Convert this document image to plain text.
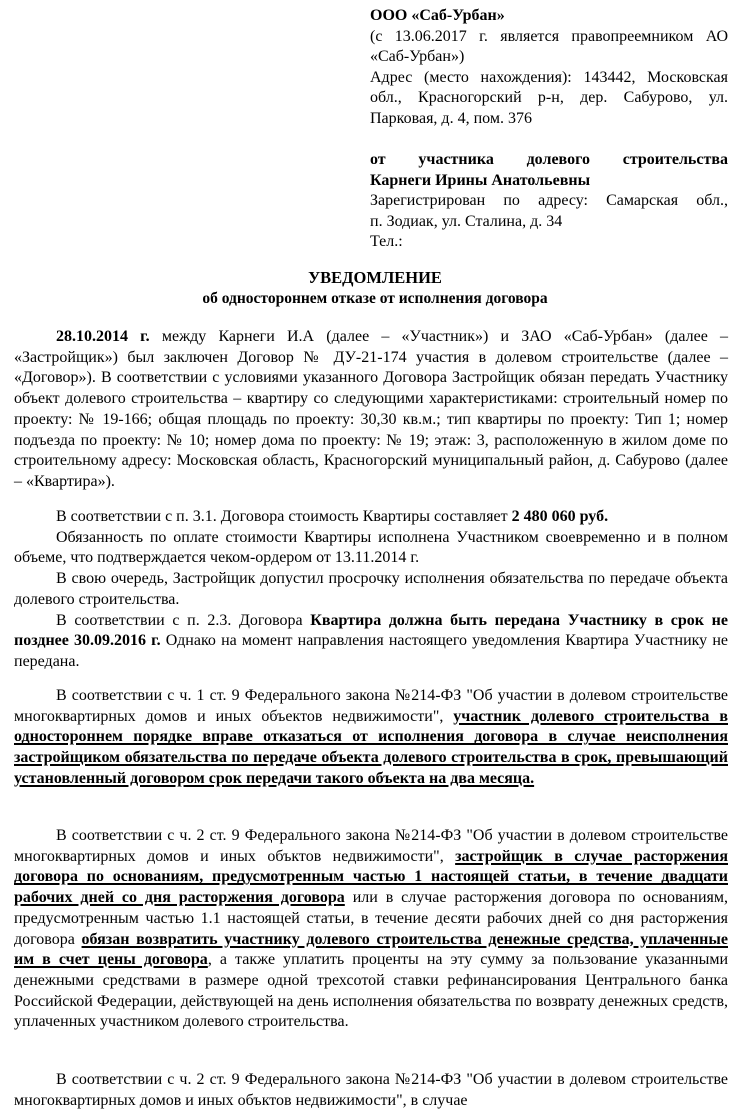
ООО «Саб-Урбан»
(с 13.06.2017 г. является правопреемником АО
«Саб-Урбан»)
Адрес (место нахождения): 143442, Московская
обл., Красногорский р-н, дер. Сабурово, ул.
Парковая, д. 4, пом. 376
от участника долевого строительства
Карнеги Ирины Анатольевны
Зарегистрирован по адресу: Самарская обл.,
п. Зодиак, ул. Сталина, д. 34
Тел.:
УВЕДОМЛЕНИЕ
об одностороннем отказе от исполнения договора

28.10.2014 г. между Карнеги И.А (далее – «Участник») и ЗАО «Саб-Урбан» (далее – «Застройщик») был заключен Договор № ДУ-21-174 участия в долевом строительстве (далее – «Договор»). В соответствии с условиями указанного Договора Застройщик обязан передать Участнику объект долевого строительства – квартиру со следующими характеристиками: строительный номер по проекту: № 19-166; общая площадь по проекту: 30,30 кв.м.; тип квартиры по проекту: Тип 1; номер подъезда по проекту: № 10; номер дома по проекту: № 19; этаж: 3, расположенную в жилом доме по строительному адресу: Московская область, Красногорский муниципальный район, д. Сабурово (далее – «Квартира»).

В соответствии с п. 3.1. Договора стоимость Квартиры составляет 2 480 060 руб.

Обязанность по оплате стоимости Квартиры исполнена Участником своевременно и в полном объеме, что подтверждается чеком-ордером от 13.11.2014 г.

В свою очередь, Застройщик допустил просрочку исполнения обязательства по передаче объекта долевого строительства.

В соответствии с п. 2.3. Договора Квартира должна быть передана Участнику в срок не позднее 30.09.2016 г. Однако на момент направления настоящего уведомления Квартира Участнику не передана.

В соответствии с ч. 1 ст. 9 Федерального закона №214-ФЗ "Об участии в долевом строительстве многоквартирных домов и иных объектов недвижимости", участник долевого строительства в одностороннем порядке вправе отказаться от исполнения договора в случае неисполнения застройщиком обязательства по передаче объекта долевого строительства в срок, превышающий установленный договором срок передачи такого объекта на два месяца.

В соответствии с ч. 2 ст. 9 Федерального закона №214-ФЗ "Об участии в долевом строительстве многоквартирных домов и иных объктов недвижимости", застройщик в случае расторжения договора по основаниям, предусмотренным частью 1 настоящей статьи, в течение двадцати рабочих дней со дня расторжения договора или в случае расторжения договора по основаниям, предусмотренным частью 1.1 настоящей статьи, в течение десяти рабочих дней со дня расторжения договора обязан возвратить участнику долевого строительства денежные средства, уплаченные им в счет цены договора, а также уплатить проценты на эту сумму за пользование указанными денежными средствами в размере одной трехсотой ставки рефинансирования Центрального банка Российской Федерации, действующей на день исполнения обязательства по возврату денежных средств, уплаченных участником долевого строительства.

В соответствии с ч. 2 ст. 9 Федерального закона №214-ФЗ "Об участии в долевом строительстве многоквартирных домов и иных объктов недвижимости", в случае
